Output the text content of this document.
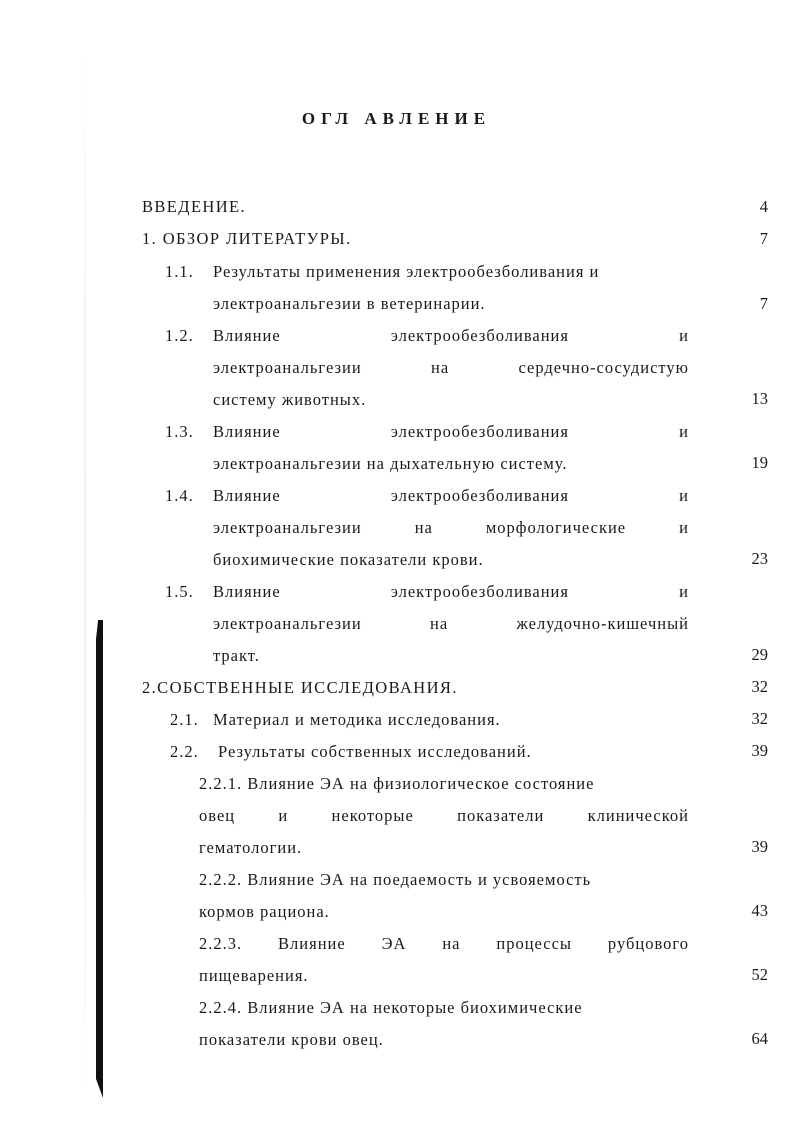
ОГЛ АВЛЕНИЕ
ВВЕДЕНИЕ.	4
1. ОБЗОР ЛИТЕРАТУРЫ.	7
1.1. Результаты применения электрообезболивания и
электроанальгезии в ветеринарии.	7
1.2. Влияние	электрообезболивания	и
электроанальгезии	на	сердечно-сосудистую
систему животных.	13
1.3. Влияние	электрообезболивания	и
электроанальгезии на дыхательную систему.	19
1.4. Влияние	электрообезболивания	и
электроанальгезии	на	морфологические	и
биохимические показатели крови.	23
1.5. Влияние	электрообезболивания	и
электроанальгезии	на	желудочно-кишечный
тракт.	29
2.СОБСТВЕННЫЕ ИССЛЕДОВАНИЯ.	32
2.1. Материал и методика исследования.	32
2.2. Результаты собственных исследований.	39
2.2.1. Влияние ЭА на физиологическое состояние
овец	и	некоторые	показатели	клинической
гематологии.	39
2.2.2. Влияние ЭА на поедаемость и усвояемость
кормов рациона.	43
2.2.3. Влияние ЭА на процессы рубцового
пищеварения.	52
2.2.4. Влияние ЭА на некоторые биохимические
показатели крови овец.	64
